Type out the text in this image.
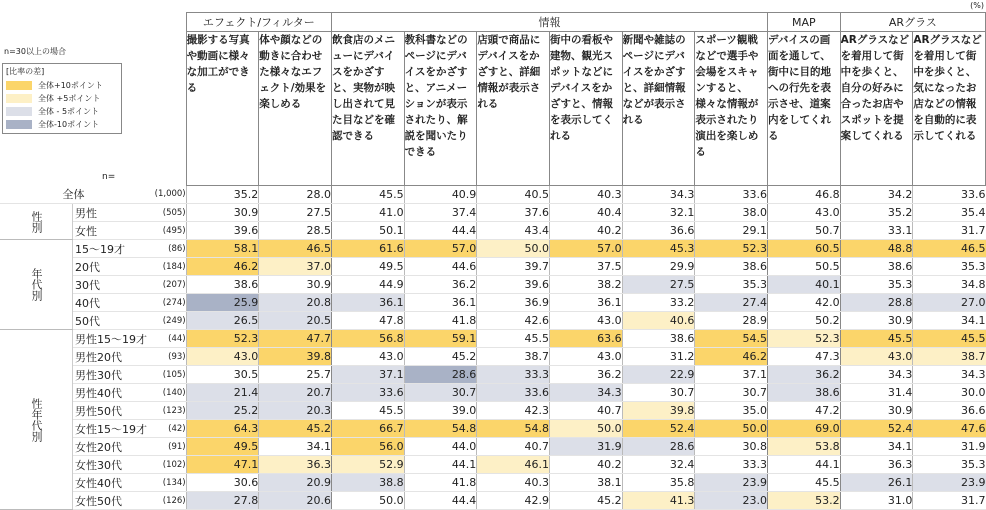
(%)
			エフェクト/フィルター		情報						MAP	ARグラス	
			撮影する写真や動画に様々な加工ができる	体や顔などの動きに合わせた様々なエフェクト/効果を楽しめる	飲食店のメニューにデバイスをかざすと、実物が映し出されて見た目などを確認できる	教科書などのページにデバイスをかざすと、アニメーションが表示されたり、解説を聞いたりできる	店頭で商品にデバイスをかざすと、詳細情報が表示される	街中の看板や建物、観光スポットなどにデバイスをかざすと、情報を表示してくれる	新聞や雑誌のページにデバイスをかざすと、詳細情報などが表示される	スポーツ観戦などで選手や会場をスキャンすると、様々な情報が表示されたり演出を楽しめる	デバイスの画面を通して、街中に目的地への行先を表示させ、道案内をしてくれる	ARグラスなどを着用して街中を歩くと、自分の好みに合ったお店やスポットを提案してくれる	ARグラスなどを着用して街中を歩くと、気になったお店などの情報を自動的に表示してくれる
全体		(1,000)	35.2	28.0	45.5	40.9	40.5	40.3	34.3	33.6	46.8	34.2	33.6
性別	男性	(505)	30.9	27.5	41.0	37.4	37.6	40.4	32.1	38.0	43.0	35.2	35.4
	女性	(495)	39.6	28.5	50.1	44.4	43.4	40.2	36.6	29.1	50.7	33.1	31.7
年代別	15～19才	(86)	58.1	46.5	61.6	57.0	50.0	57.0	45.3	52.3	60.5	48.8	46.5
	20代	(184)	46.2	37.0	49.5	44.6	39.7	37.5	29.9	38.6	50.5	38.6	35.3
	30代	(207)	38.6	30.9	44.9	36.2	39.6	38.2	27.5	35.3	40.1	35.3	34.8
	40代	(274)	25.9	20.8	36.1	36.1	36.9	36.1	33.2	27.4	42.0	28.8	27.0
	50代	(249)	26.5	20.5	47.8	41.8	42.6	43.0	40.6	28.9	50.2	30.9	34.1
性年代別	男性15～19才	(44)	52.3	47.7	56.8	59.1	45.5	63.6	38.6	54.5	52.3	45.5	45.5
	男性20代	(93)	43.0	39.8	43.0	45.2	38.7	43.0	31.2	46.2	47.3	43.0	38.7
	男性30代	(105)	30.5	25.7	37.1	28.6	33.3	36.2	22.9	37.1	36.2	34.3	34.3
	男性40代	(140)	21.4	20.7	33.6	30.7	33.6	34.3	30.7	30.7	38.6	31.4	30.0
	男性50代	(123)	25.2	20.3	45.5	39.0	42.3	40.7	39.8	35.0	47.2	30.9	36.6
	女性15～19才	(42)	64.3	45.2	66.7	54.8	54.8	50.0	52.4	50.0	69.0	52.4	47.6
	女性20代	(91)	49.5	34.1	56.0	44.0	40.7	31.9	28.6	30.8	53.8	34.1	31.9
	女性30代	(102)	47.1	36.3	52.9	44.1	46.1	40.2	32.4	33.3	44.1	36.3	35.3
	女性40代	(134)	30.6	20.9	38.8	41.8	40.3	38.1	35.8	23.9	45.5	26.1	23.9
	女性50代	(126)	27.8	20.6	50.0	44.4	42.9	45.2	41.3	23.0	53.2	31.0	31.7
n=30以上の場合
[比率の差]
全体+10ポイント
全体 +5ポイント
全体 - 5ポイント
全体-10ポイント
n=
